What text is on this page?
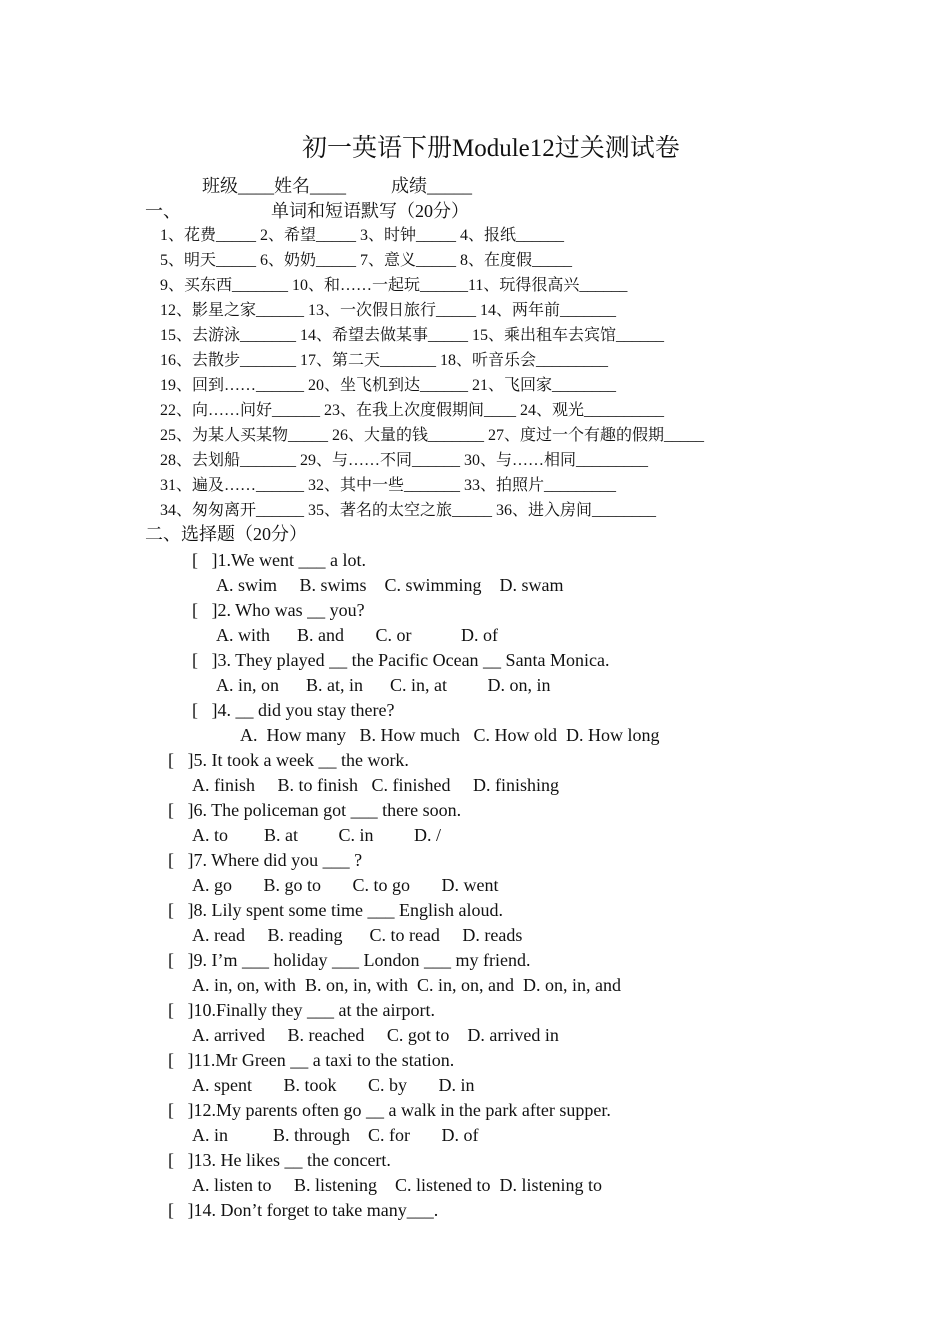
初一英语下册Module12过关测试卷
班级____姓名____          成绩_____
一、                    单词和短语默写（20分）
1、花费_____ 2、希望_____ 3、时钟_____ 4、报纸______
5、明天_____ 6、奶奶_____ 7、意义_____ 8、在度假_____
9、买东西_______ 10、和……一起玩______11、玩得很高兴______
12、影星之家______ 13、一次假日旅行_____ 14、两年前_______
15、去游泳_______ 14、希望去做某事_____ 15、乘出租车去宾馆______
16、去散步_______ 17、第二天_______ 18、听音乐会_________
19、回到……______ 20、坐飞机到达______ 21、飞回家________
22、向……问好______ 23、在我上次度假期间____ 24、观光__________
25、为某人买某物_____ 26、大量的钱_______ 27、度过一个有趣的假期_____
28、去划船_______ 29、与……不同______ 30、与……相同_________
31、遍及……______ 32、其中一些_______ 33、拍照片_________
34、匆匆离开______ 35、著名的太空之旅_____ 36、进入房间________
二、选择题（20分）
[   ]1.We went ___ a lot.
A. swim     B. swims    C. swimming    D. swam
[   ]2. Who was __ you?
A. with      B. and       C. or           D. of
[   ]3. They played __ the Pacific Ocean __ Santa Monica.
A. in, on      B. at, in      C. in, at         D. on, in
[   ]4. __ did you stay there?
A.  How many   B. How much   C. How old  D. How long
[   ]5. It took a week __ the work.
A. finish     B. to finish   C. finished     D. finishing
[   ]6. The policeman got ___ there soon.
A. to        B. at         C. in         D. /
[   ]7. Where did you ___ ?
A. go       B. go to       C. to go       D. went
[   ]8. Lily spent some time ___ English aloud.
A. read     B. reading      C. to read     D. reads
[   ]9. I’m ___ holiday ___ London ___ my friend.
A. in, on, with  B. on, in, with  C. in, on, and  D. on, in, and
[   ]10.Finally they ___ at the airport.
A. arrived     B. reached     C. got to    D. arrived in
[   ]11.Mr Green __ a taxi to the station.
A. spent       B. took       C. by       D. in
[   ]12.My parents often go __ a walk in the park after supper.
A. in          B. through    C. for       D. of
[   ]13. He likes __ the concert.
A. listen to     B. listening    C. listened to  D. listening to
[   ]14. Don’t forget to take many___.
